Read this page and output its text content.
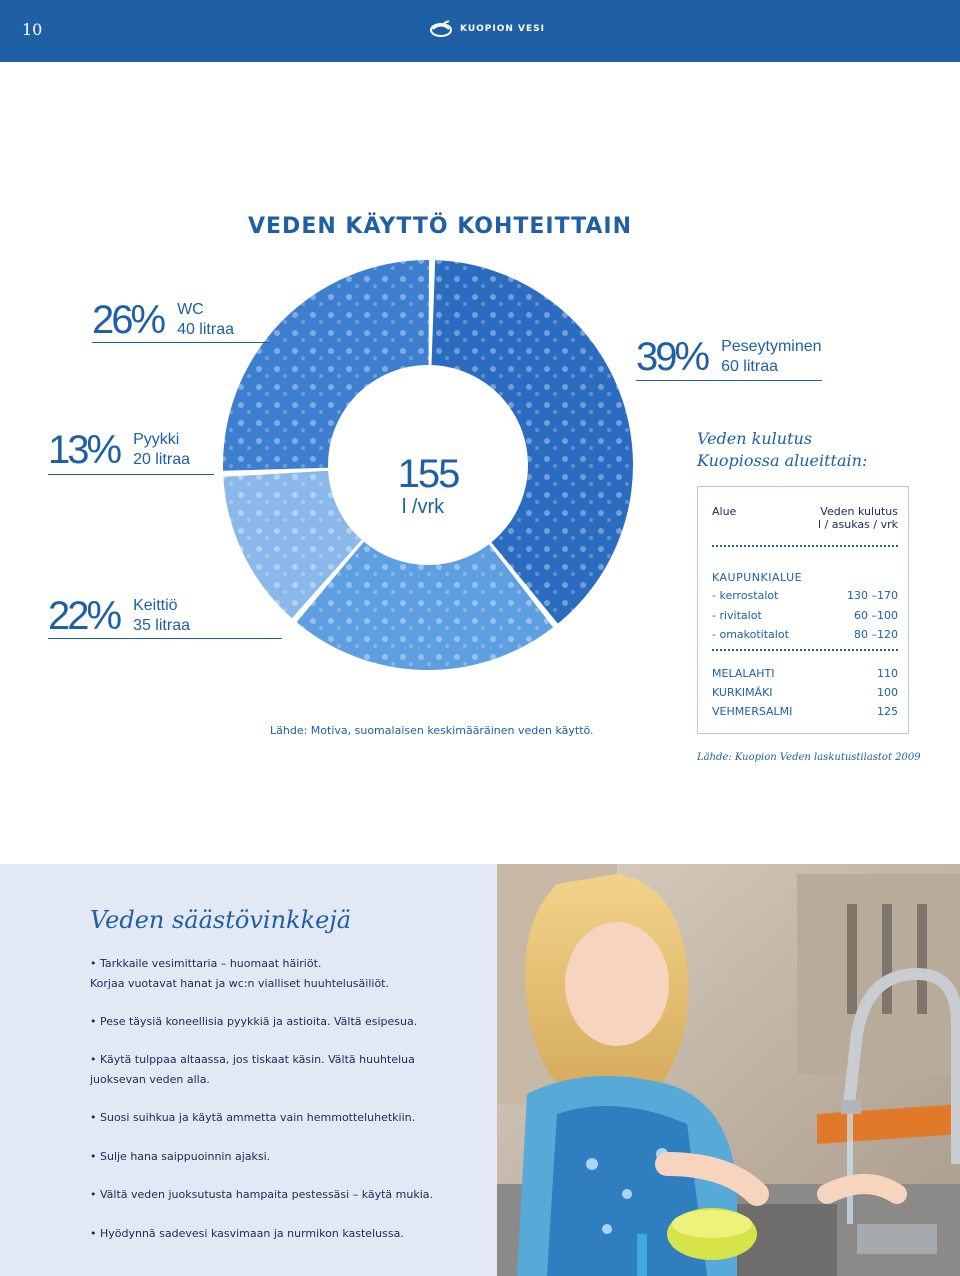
10	KUOPION VESI
VEDEN KÄYTTÖ KOHTEITTAIN
155
l /vrk
26% WC
40 litraa
39% Peseytyminen
60 litraa
13% Pyykki
20 litraa
22% Keittiö
35 litraa
Lähde: Motiva, suomalaisen keskimääräinen veden käyttö.
Veden kulutus
Kuopiossa alueittain:
Alue	Veden kulutus
l / asukas / vrk
KAUPUNKIALUE
- kerrostalot	130 –170
- rivitalot	60 –100
- omakotitalot	80 –120
MELALAHTI	110
KURKIMÄKI	100
VEHMERSALMI	125
Lähde: Kuopion Veden laskutustilastot 2009
Veden säästövinkkejä
• Tarkkaile vesimittaria – huomaat häiriöt.
Korjaa vuotavat hanat ja wc:n vialliset huuhtelusäiliöt.
• Pese täysiä koneellisia pyykkiä ja astioita. Vältä esipesua.
• Käytä tulppaa altaassa, jos tiskaat käsin. Vältä huuhtelua
juoksevan veden alla.
• Suosi suihkua ja käytä ammetta vain hemmotteluhetkiin.
• Sulje hana saippuoinnin ajaksi.
• Vältä veden juoksutusta hampaita pestessäsi – käytä mukia.
• Hyödynnä sadevesi kasvimaan ja nurmikon kastelussa.
